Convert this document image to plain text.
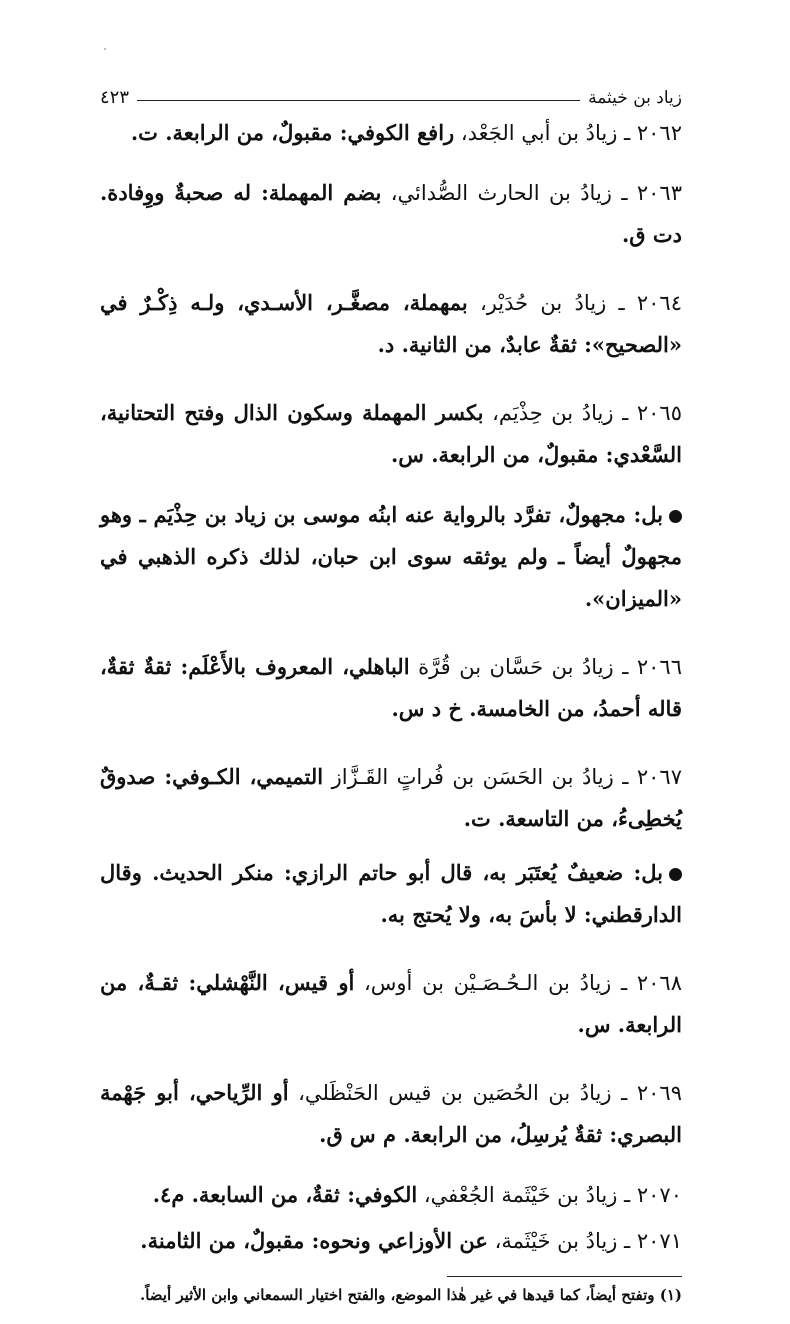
زياد بن خيثمة
٤٢٣

٢٠٦٢ ـ زيادُ بن أبي الجَعْد، رافع الكوفي: مقبولٌ، من الرابعة. ت.

٢٠٦٣ ـ زيادُ بن الحارث الصُّدائي، بضم المهملة: له صحبةٌ ووِفادة. دت ق.

٢٠٦٤ ـ زيادُ بن حُدَيْر، بمهملة، مصغَّـر، الأسـدي، ولـه ذِكْـرٌ في «الصحيح»: ثقةٌ عابدٌ، من الثانية. د.

٢٠٦٥ ـ زيادُ بن حِذْيَم، بكسر المهملة وسكون الذال وفتح التحتانية، السَّعْدي: مقبولٌ، من الرابعة. س.

بل: مجهولٌ، تفرَّد بالرواية عنه ابنُه موسى بن زياد بن حِذْيَم ـ وهو مجهولٌ أيضاً ـ ولم يوثقه سوى ابن حبان، لذلك ذكره الذهبي في «الميزان».

٢٠٦٦ ـ زيادُ بن حَسَّان بن قُرَّة الباهلي، المعروف بالأَعْلَم: ثقةٌ ثقةٌ، قاله أحمدُ، من الخامسة. خ د س.

٢٠٦٧ ـ زيادُ بن الحَسَن بن فُراتٍ القَـزَّاز التميمي، الكـوفي: صدوقٌ يُخطِىءُ، من التاسعة. ت.

بل: ضعيفٌ يُعتَبَر به، قال أبو حاتم الرازي: منكر الحديث. وقال الدارقطني: لا بأسَ به، ولا يُحتج به.

٢٠٦٨ ـ زيادُ بن الـحُـصَـيْن بن أوس، أو قيس، النَّهْشلي: ثقـةٌ، من الرابعة. س.

٢٠٦٩ ـ زيادُ بن الحُصَين بن قيس الحَنْظَلي، أو الرِّياحي، أبو جَهْمة البصري: ثقةٌ يُرسِلُ، من الرابعة. م س ق.

٢٠٧٠ ـ زيادُ بن خَيْثَمة الجُعْفي، الكوفي: ثقةٌ، من السابعة. م٤.

٢٠٧١ ـ زيادُ بن خَيْثَمة، عن الأوزاعي ونحوه: مقبولٌ، من الثامنة.

(١) وتفتح أيضاً، كما قيدها في غير هٰذا الموضع، والفتح اختيار السمعاني وابن الأثير أيضاً.
